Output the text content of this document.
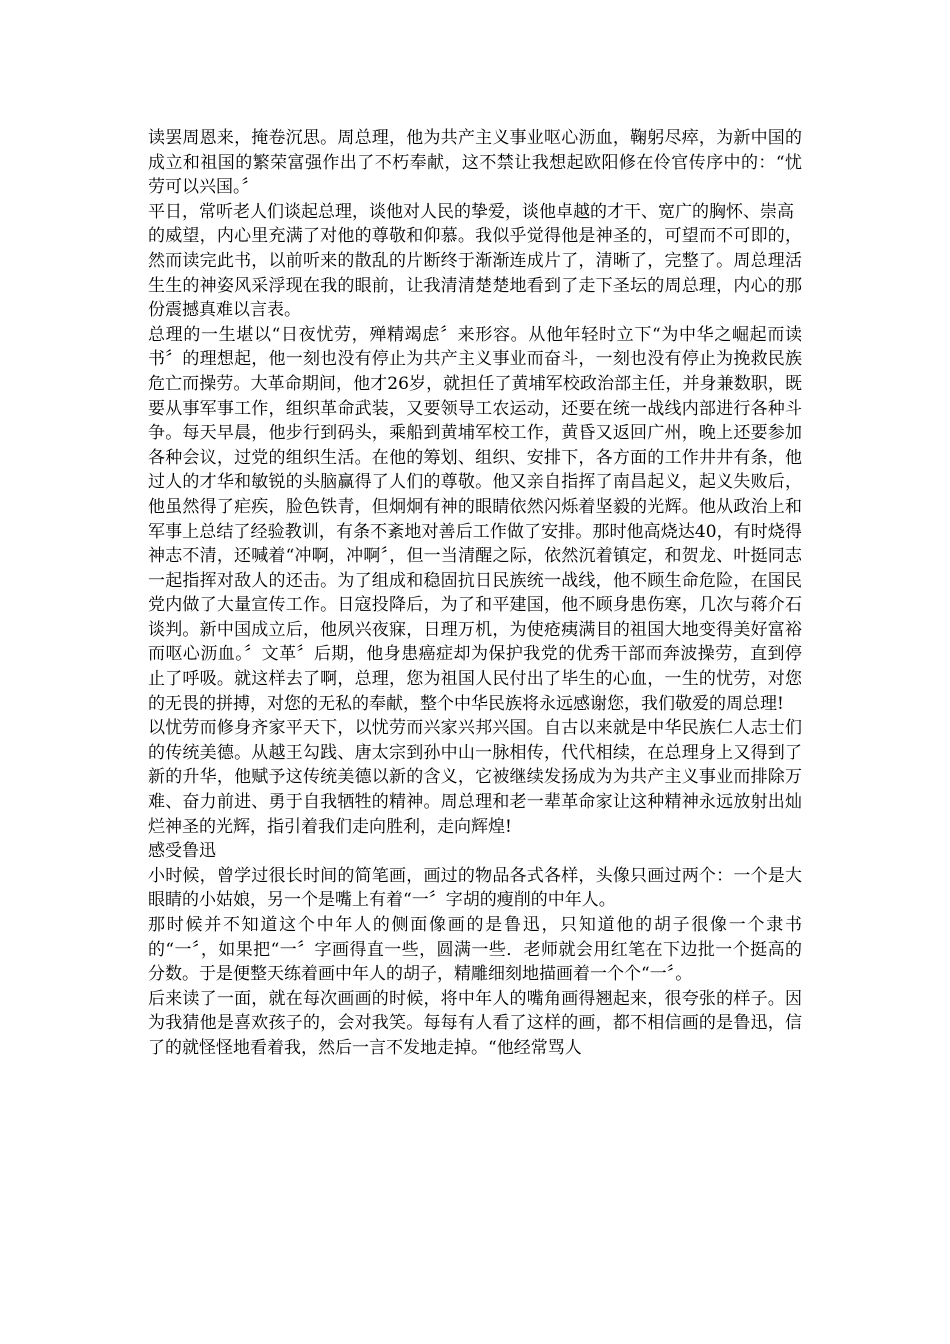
读罢周恩来，掩卷沉思。周总理，他为共产主义事业呕心沥血，鞠躬尽瘁，为新中国的成立和祖国的繁荣富强作出了不朽奉献，这不禁让我想起欧阳修在伶官传序中的：“忧劳可以兴国。〞

平日，常听老人们谈起总理，谈他对人民的挚爱，谈他卓越的才干、宽广的胸怀、崇高

的威望，内心里充满了对他的尊敬和仰慕。我似乎觉得他是神圣的，可望而不可即的，然而读完此书，以前听来的散乱的片断终于渐渐连成片了，清晰了，完整了。周总理活生生的神姿风采浮现在我的眼前，让我清清楚楚地看到了走下圣坛的周总理，内心的那份震撼真难以言表。

总理的一生堪以“日夜忧劳，殚精竭虑〞来形容。从他年轻时立下“为中华之崛起而读书〞的理想起，他一刻也没有停止为共产主义事业而奋斗，一刻也没有停止为挽救民族危亡而操劳。大革命期间，他才26岁，就担任了黄埔军校政治部主任，并身兼数职，既要从事军事工作，组织革命武装，又要领导工农运动，还要在统一战线内部进行各种斗争。每天早晨，他步行到码头，乘船到黄埔军校工作，黄昏又返回广州，晚上还要参加各种会议，过党的组织生活。在他的筹划、组织、安排下，各方面的工作井井有条，他过人的才华和敏锐的头脑赢得了人们的尊敬。他又亲自指挥了南昌起义，起义失败后，他虽然得了疟疾，脸色铁青，但炯炯有神的眼睛依然闪烁着坚毅的光辉。他从政治上和军事上总结了经验教训，有条不紊地对善后工作做了安排。那时他高烧达40，有时烧得神志不清，还喊着“冲啊，冲啊〞，但一当清醒之际，依然沉着镇定，和贺龙、叶挺同志一起指挥对敌人的还击。为了组成和稳固抗日民族统一战线，他不顾生命危险，在国民党内做了大量宣传工作。日寇投降后，为了和平建国，他不顾身患伤寒，几次与蒋介石谈判。新中国成立后，他夙兴夜寐，日理万机，为使疮痍满目的祖国大地变得美好富裕而呕心沥血。〞文革〞后期，他身患癌症却为保护我党的优秀干部而奔波操劳，直到停止了呼吸。就这样去了啊，总理，您为祖国人民付出了毕生的心血，一生的忧劳，对您的无畏的拼搏，对您的无私的奉献，整个中华民族将永远感谢您，我们敬爱的周总理!

以忧劳而修身齐家平天下，以忧劳而兴家兴邦兴国。自古以来就是中华民族仁人志士们的传统美德。从越王勾践、唐太宗到孙中山一脉相传，代代相续，在总理身上又得到了新的升华，他赋予这传统美德以新的含义，它被继续发扬成为为共产主义事业而排除万难、奋力前进、勇于自我牺牲的精神。周总理和老一辈革命家让这种精神永远放射出灿烂神圣的光辉，指引着我们走向胜利，走向辉煌!

感受鲁迅

小时候，曾学过很长时间的简笔画，画过的物品各式各样，头像只画过两个：一个是大眼睛的小姑娘，另一个是嘴上有着“一〞字胡的瘦削的中年人。

那时候并不知道这个中年人的侧面像画的是鲁迅，只知道他的胡子很像一个隶书的“一〞，如果把“一〞字画得直一些，圆满一些．老师就会用红笔在下边批一个挺高的分数。于是便整天练着画中年人的胡子，精雕细刻地描画着一个个“一〞。

后来读了一面，就在每次画画的时候，将中年人的嘴角画得翘起来，很夸张的样子。因为我猜他是喜欢孩子的，会对我笑。每每有人看了这样的画，都不相信画的是鲁迅，信了的就怪怪地看着我，然后一言不发地走掉。“他经常骂人
